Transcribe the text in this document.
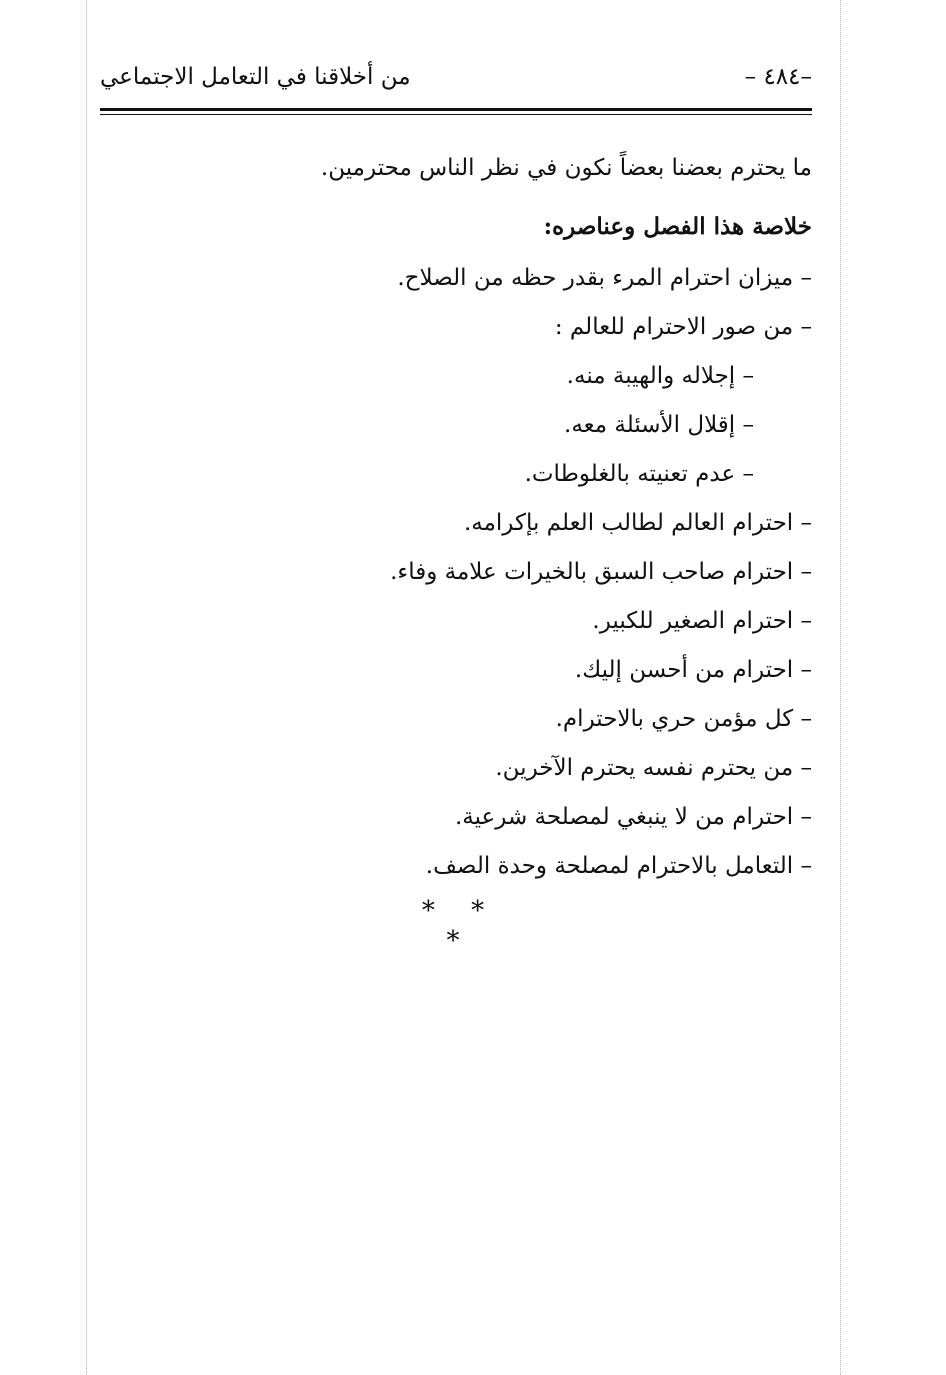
من أخلاقنا في التعامل الاجتماعي	–٤٨٤ –
ما يحترم بعضنا بعضاً نكون في نظر الناس محترمين.
خلاصة هذا الفصل وعناصره:
– ميزان احترام المرء بقدر حظه من الصلاح.
– من صور الاحترام للعالم :
– إجلاله والهيبة منه.
– إقلال الأسئلة معه.
– عدم تعنيته بالغلوطات.
– احترام العالم لطالب العلم بإكرامه.
– احترام صاحب السبق بالخيرات علامة وفاء.
– احترام الصغير للكبير.
– احترام من أحسن إليك.
– كل مؤمن حري بالاحترام.
– من يحترم نفسه يحترم الآخرين.
– احترام من لا ينبغي لمصلحة شرعية.
– التعامل بالاحترام لمصلحة وحدة الصف.
* * *
